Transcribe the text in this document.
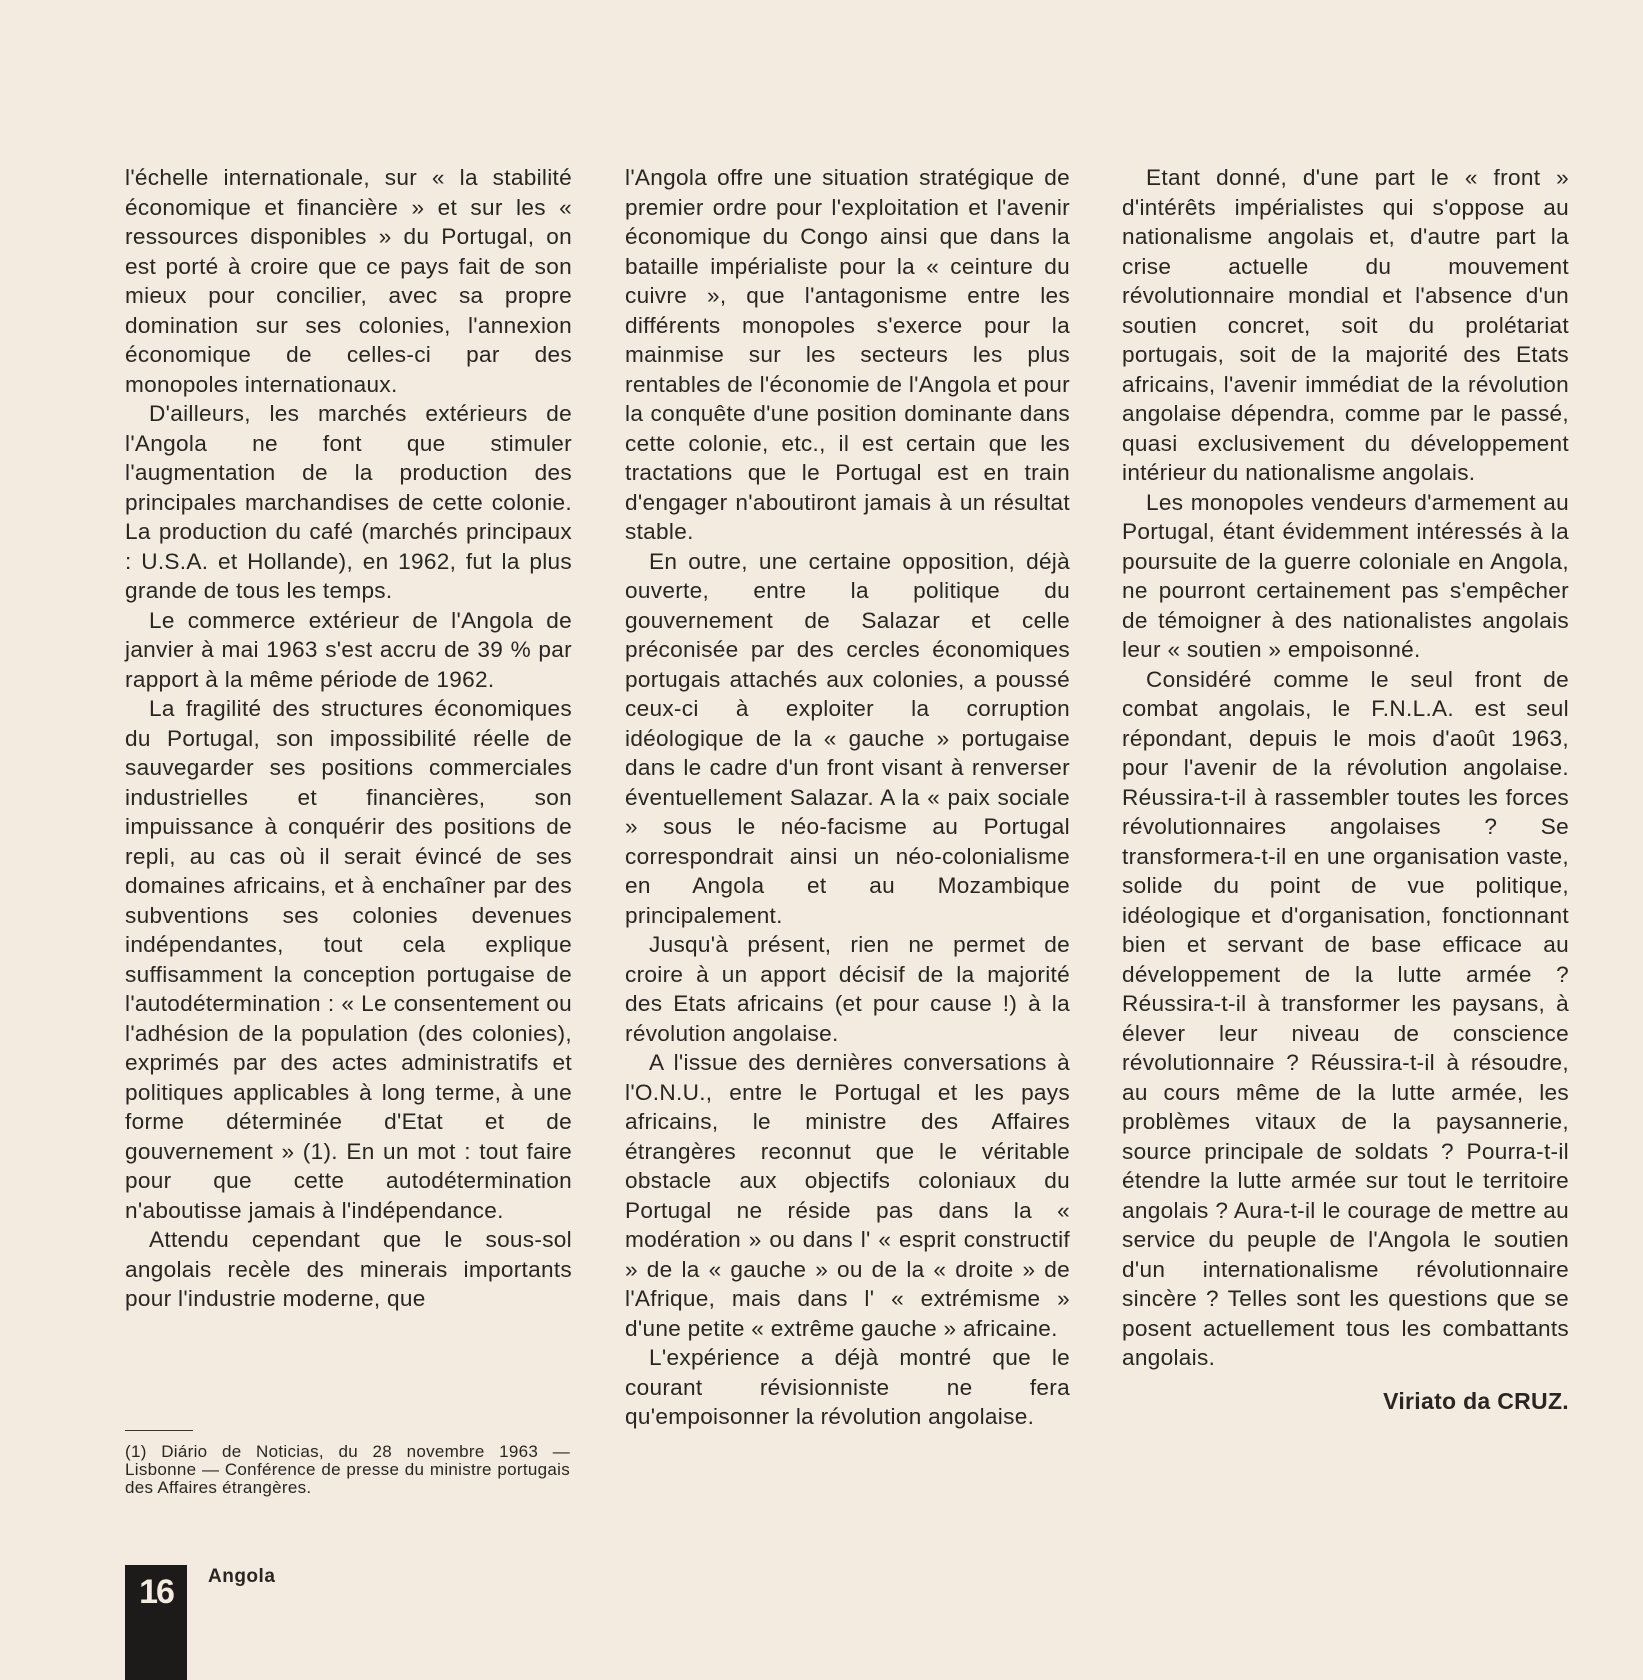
l'échelle internationale, sur « la stabilité économique et financière » et sur les « ressources disponibles » du Portugal, on est porté à croire que ce pays fait de son mieux pour concilier, avec sa propre domination sur ses colonies, l'annexion économique de celles-ci par des monopoles internationaux.

D'ailleurs, les marchés extérieurs de l'Angola ne font que stimuler l'augmentation de la production des principales marchandises de cette colonie. La production du café (marchés principaux : U.S.A. et Hollande), en 1962, fut la plus grande de tous les temps.

Le commerce extérieur de l'Angola de janvier à mai 1963 s'est accru de 39 % par rapport à la même période de 1962.

La fragilité des structures économiques du Portugal, son impossibilité réelle de sauvegarder ses positions commerciales industrielles et financières, son impuissance à conquérir des positions de repli, au cas où il serait évincé de ses domaines africains, et à enchaîner par des subventions ses colonies devenues indépendantes, tout cela explique suffisamment la conception portugaise de l'autodétermination : « Le consentement ou l'adhésion de la population (des colonies), exprimés par des actes administratifs et politiques applicables à long terme, à une forme déterminée d'Etat et de gouvernement » (1). En un mot : tout faire pour que cette autodétermination n'aboutisse jamais à l'indépendance.

Attendu cependant que le sous-sol angolais recèle des minerais importants pour l'industrie moderne, que

(1) Diário de Noticias, du 28 novembre 1963 — Lisbonne — Conférence de presse du ministre portugais des Affaires étrangères.

l'Angola offre une situation stratégique de premier ordre pour l'exploitation et l'avenir économique du Congo ainsi que dans la bataille impérialiste pour la « ceinture du cuivre », que l'antagonisme entre les différents monopoles s'exerce pour la mainmise sur les secteurs les plus rentables de l'économie de l'Angola et pour la conquête d'une position dominante dans cette colonie, etc., il est certain que les tractations que le Portugal est en train d'engager n'aboutiront jamais à un résultat stable.

En outre, une certaine opposition, déjà ouverte, entre la politique du gouvernement de Salazar et celle préconisée par des cercles économiques portugais attachés aux colonies, a poussé ceux-ci à exploiter la corruption idéologique de la « gauche » portugaise dans le cadre d'un front visant à renverser éventuellement Salazar. A la « paix sociale » sous le néo-facisme au Portugal correspondrait ainsi un néo-colonialisme en Angola et au Mozambique principalement.

Jusqu'à présent, rien ne permet de croire à un apport décisif de la majorité des Etats africains (et pour cause !) à la révolution angolaise.

A l'issue des dernières conversations à l'O.N.U., entre le Portugal et les pays africains, le ministre des Affaires étrangères reconnut que le véritable obstacle aux objectifs coloniaux du Portugal ne réside pas dans la « modération » ou dans l' « esprit constructif » de la « gauche » ou de la « droite » de l'Afrique, mais dans l' « extrémisme » d'une petite « extrême gauche » africaine.

L'expérience a déjà montré que le courant révisionniste ne fera qu'empoisonner la révolution angolaise.

Etant donné, d'une part le « front » d'intérêts impérialistes qui s'oppose au nationalisme angolais et, d'autre part la crise actuelle du mouvement révolutionnaire mondial et l'absence d'un soutien concret, soit du prolétariat portugais, soit de la majorité des Etats africains, l'avenir immédiat de la révolution angolaise dépendra, comme par le passé, quasi exclusivement du développement intérieur du nationalisme angolais.

Les monopoles vendeurs d'armement au Portugal, étant évidemment intéressés à la poursuite de la guerre coloniale en Angola, ne pourront certainement pas s'empêcher de témoigner à des nationalistes angolais leur « soutien » empoisonné.

Considéré comme le seul front de combat angolais, le F.N.L.A. est seul répondant, depuis le mois d'août 1963, pour l'avenir de la révolution angolaise. Réussira-t-il à rassembler toutes les forces révolutionnaires angolaises ? Se transformera-t-il en une organisation vaste, solide du point de vue politique, idéologique et d'organisation, fonctionnant bien et servant de base efficace au développement de la lutte armée ? Réussira-t-il à transformer les paysans, à élever leur niveau de conscience révolutionnaire ? Réussira-t-il à résoudre, au cours même de la lutte armée, les problèmes vitaux de la paysannerie, source principale de soldats ? Pourra-t-il étendre la lutte armée sur tout le territoire angolais ? Aura-t-il le courage de mettre au service du peuple de l'Angola le soutien d'un internationalisme révolutionnaire sincère ? Telles sont les questions que se posent actuellement tous les combattants angolais.

Viriato da CRUZ.
16	Angola
